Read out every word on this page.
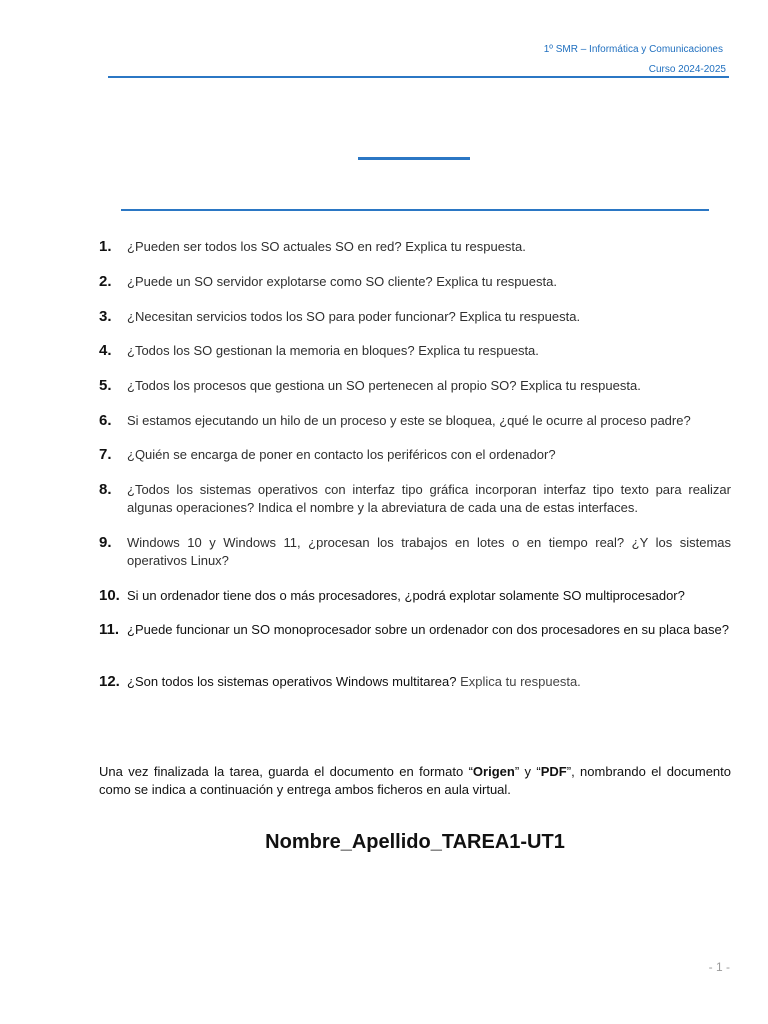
1º SMR – Informática y Comunicaciones
Curso 2024-2025
1. ¿Pueden ser todos los SO actuales SO en red? Explica tu respuesta.
2. ¿Puede un SO servidor explotarse como SO cliente? Explica tu respuesta.
3. ¿Necesitan servicios todos los SO para poder funcionar? Explica tu respuesta.
4. ¿Todos los SO gestionan la memoria en bloques? Explica tu respuesta.
5. ¿Todos los procesos que gestiona un SO pertenecen al propio SO? Explica tu respuesta.
6. Si estamos ejecutando un hilo de un proceso y este se bloquea, ¿qué le ocurre al proceso padre?
7. ¿Quién se encarga de poner en contacto los periféricos con el ordenador?
8. ¿Todos los sistemas operativos con interfaz tipo gráfica incorporan interfaz tipo texto para realizar algunas operaciones? Indica el nombre y la abreviatura de cada una de estas interfaces.
9. Windows 10 y Windows 11, ¿procesan los trabajos en lotes o en tiempo real? ¿Y los sistemas operativos Linux?
10. Si un ordenador tiene dos o más procesadores, ¿podrá explotar solamente SO multiprocesador?
11. ¿Puede funcionar un SO monoprocesador sobre un ordenador con dos procesadores en su placa base?
12. ¿Son todos los sistemas operativos Windows multitarea? Explica tu respuesta.
Una vez finalizada la tarea, guarda el documento en formato “Origen” y “PDF”, nombrando el documento como se indica a continuación y entrega ambos ficheros en aula virtual.
Nombre_Apellido_TAREA1-UT1
- 1 -
